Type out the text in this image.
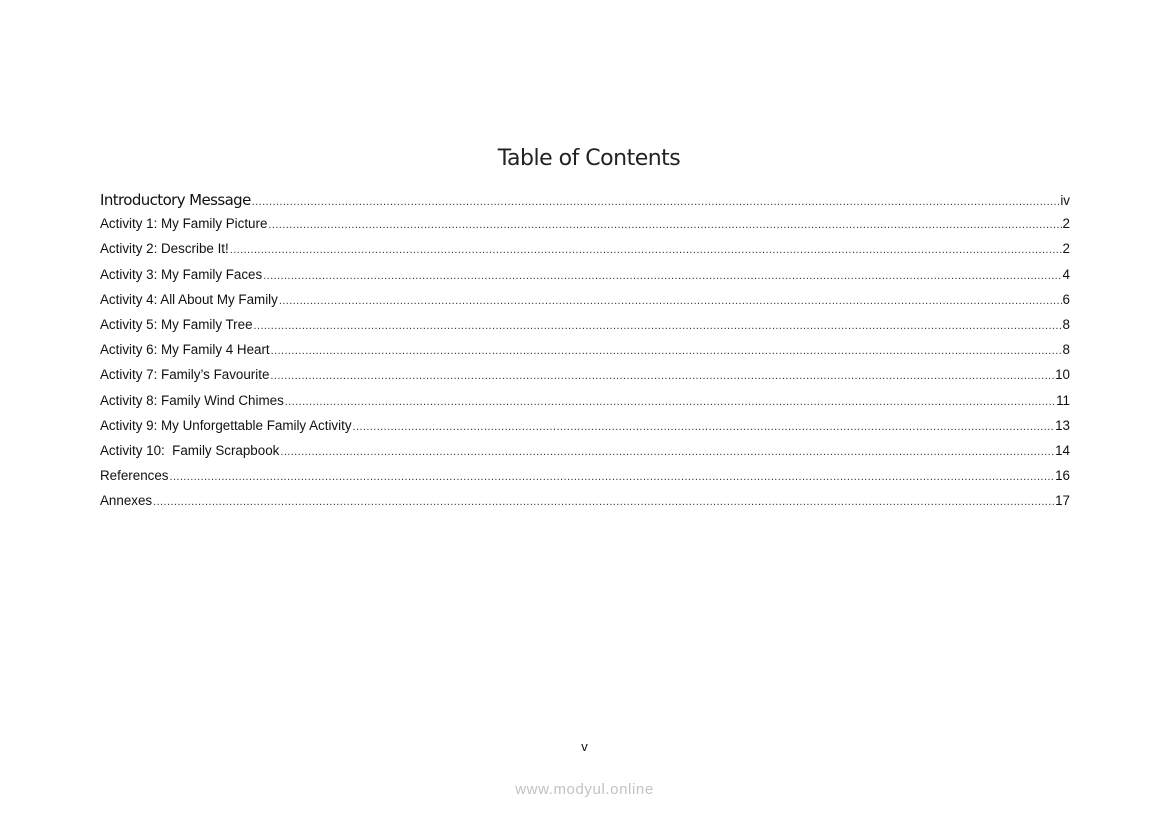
Table of Contents
Introductory Message .....	iv
Activity 1: My Family Picture .....	2
Activity 2: Describe It! .....	2
Activity 3: My Family Faces .....	4
Activity 4: All About My Family .....	6
Activity 5: My Family Tree .....	8
Activity 6: My Family 4 Heart .....	8
Activity 7: Family’s Favourite .....	10
Activity 8: Family Wind Chimes .....	11
Activity 9: My Unforgettable Family Activity .....	13
Activity 10:  Family Scrapbook .....	14
References .....	16
Annexes .....	17
v
www.modyul.online
